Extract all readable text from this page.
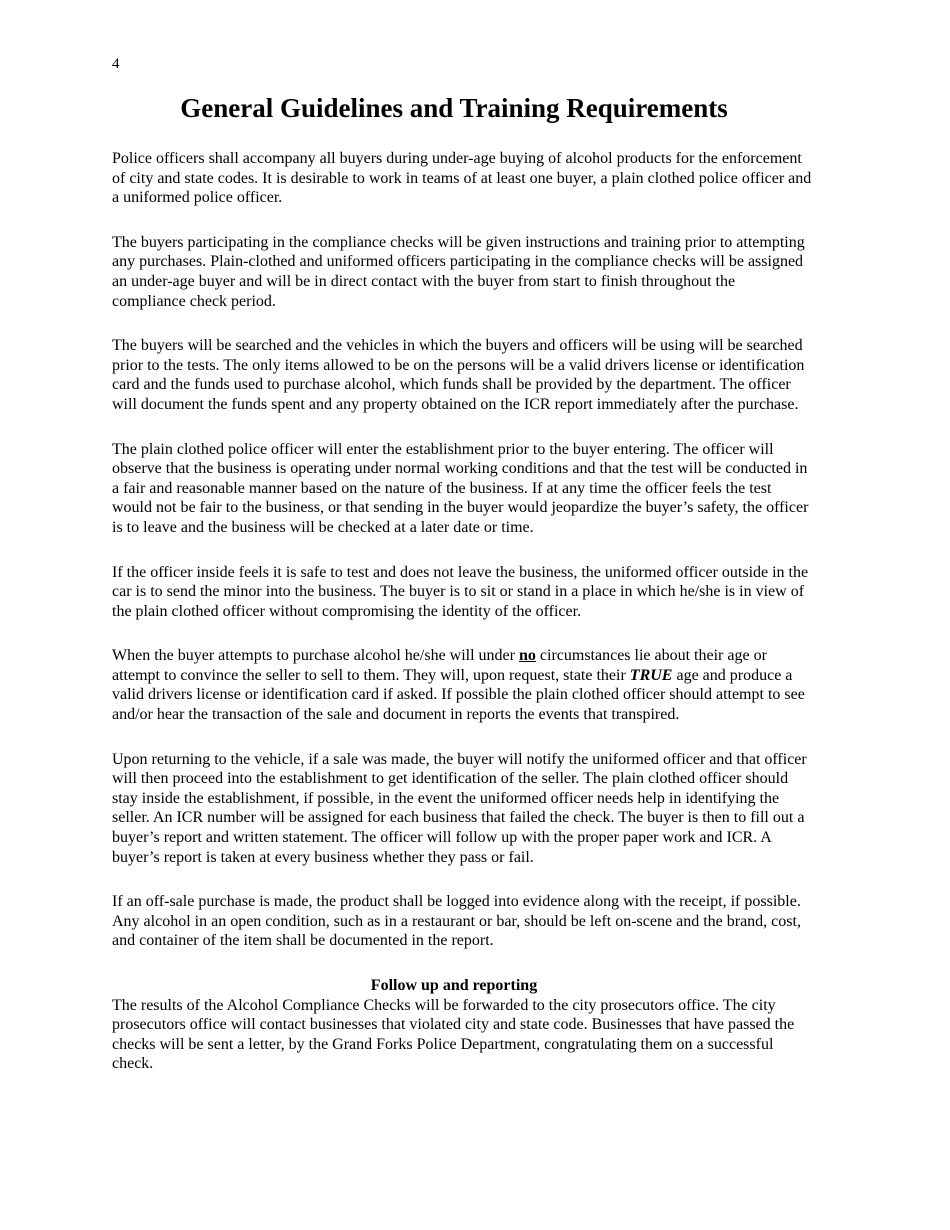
4
General Guidelines and Training Requirements

Police officers shall accompany all buyers during under-age buying of alcohol products for the enforcement of city and state codes. It is desirable to work in teams of at least one buyer, a plain clothed police officer and a uniformed police officer.

The buyers participating in the compliance checks will be given instructions and training prior to attempting any purchases. Plain-clothed and uniformed officers participating in the compliance checks will be assigned an under-age buyer and will be in direct contact with the buyer from start to finish throughout the compliance check period.

The buyers will be searched and the vehicles in which the buyers and officers will be using will be searched prior to the tests. The only items allowed to be on the persons will be a valid drivers license or identification card and the funds used to purchase alcohol, which funds shall be provided by the department. The officer will document the funds spent and any property obtained on the ICR report immediately after the purchase.

The plain clothed police officer will enter the establishment prior to the buyer entering. The officer will observe that the business is operating under normal working conditions and that the test will be conducted in a fair and reasonable manner based on the nature of the business. If at any time the officer feels the test would not be fair to the business, or that sending in the buyer would jeopardize the buyer’s safety, the officer is to leave and the business will be checked at a later date or time.

If the officer inside feels it is safe to test and does not leave the business, the uniformed officer outside in the car is to send the minor into the business. The buyer is to sit or stand in a place in which he/she is in view of the plain clothed officer without compromising the identity of the officer.

When the buyer attempts to purchase alcohol he/she will under no circumstances lie about their age or attempt to convince the seller to sell to them. They will, upon request, state their TRUE age and produce a valid drivers license or identification card if asked. If possible the plain clothed officer should attempt to see and/or hear the transaction of the sale and document in reports the events that transpired.

Upon returning to the vehicle, if a sale was made, the buyer will notify the uniformed officer and that officer will then proceed into the establishment to get identification of the seller. The plain clothed officer should stay inside the establishment, if possible, in the event the uniformed officer needs help in identifying the seller. An ICR number will be assigned for each business that failed the check. The buyer is then to fill out a buyer’s report and written statement. The officer will follow up with the proper paper work and ICR. A buyer’s report is taken at every business whether they pass or fail.

If an off-sale purchase is made, the product shall be logged into evidence along with the receipt, if possible. Any alcohol in an open condition, such as in a restaurant or bar, should be left on-scene and the brand, cost, and container of the item shall be documented in the report.

Follow up and reporting

The results of the Alcohol Compliance Checks will be forwarded to the city prosecutors office. The city prosecutors office will contact businesses that violated city and state code. Businesses that have passed the checks will be sent a letter, by the Grand Forks Police Department, congratulating them on a successful check.
